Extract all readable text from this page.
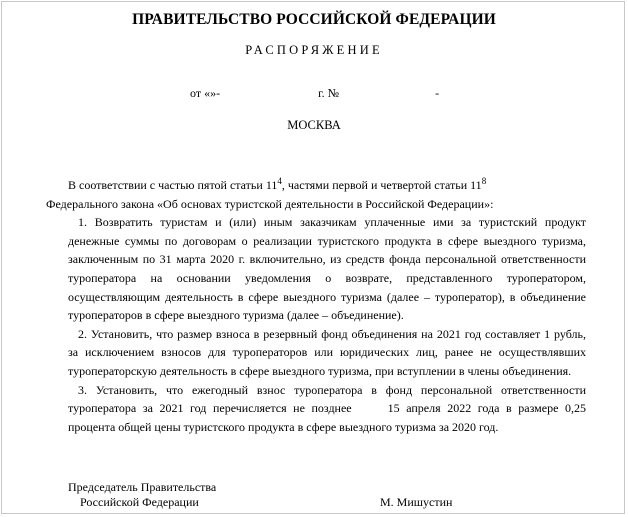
ПРАВИТЕЛЬСТВО РОССИЙСКОЙ ФЕДЕРАЦИИ
РАСПОРЯЖЕНИЕ
от «»-	г. №	-
МОСКВА

В соответствии с частью пятой статьи $11^4$, частями первой и четвертой статьи $11^8$
Федерального закона «Об основах туристской деятельности в Российской Федерации»:

1. Возвратить туристам и (или) иным заказчикам уплаченные ими за туристский продукт денежные суммы по договорам о реализации туристского продукта в сфере выездного туризма, заключенным по 31 марта 2020 г. включительно, из средств фонда персональной ответственности туроператора на основании уведомления о возврате, представленного туроператором, осуществляющим деятельность в сфере выездного туризма (далее – туроператор), в объединение туроператоров в сфере выездного туризма (далее – объединение).

2. Установить, что размер взноса в резервный фонд объединения на 2021 год составляет 1 рубль, за исключением взносов для туроператоров или юридических лиц, ранее не осуществлявших туроператорскую деятельность в сфере выездного туризма, при вступлении в члены объединения.

3. Установить, что ежегодный взнос туроператора в фонд персональной ответственности туроператора за 2021 год перечисляется не позднее	15 апреля 2022 года в размере 0,25 процента общей цены туристского продукта в сфере выездного туризма за 2020 год.

Председатель Правительства
Российской Федерации	М. Мишустин
